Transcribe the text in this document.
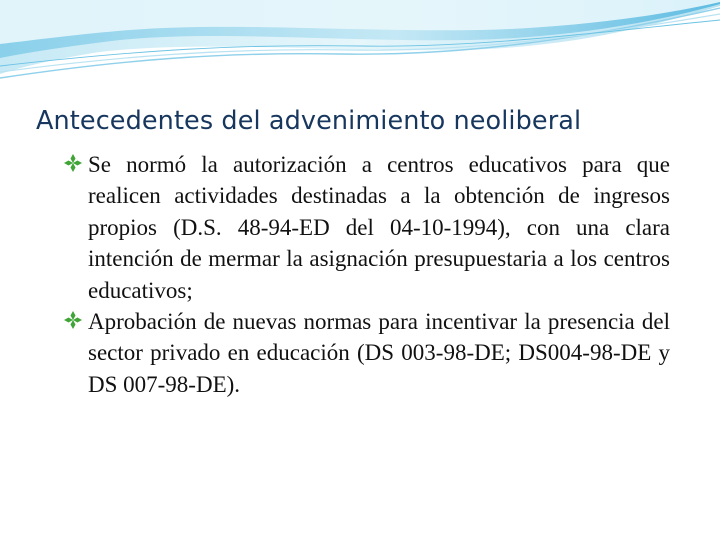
Antecedentes del advenimiento neoliberal

Se normó la autorización a centros educativos para que realicen actividades destinadas a la obtención de ingresos propios (D.S. 48-94-ED del 04-10-1994), con una clara intención de mermar la asignación presupuestaria a los centros educativos;

Aprobación de nuevas normas para incentivar la presencia del sector privado en educación (DS 003-98-DE; DS004-98-DE y DS 007-98-DE).
